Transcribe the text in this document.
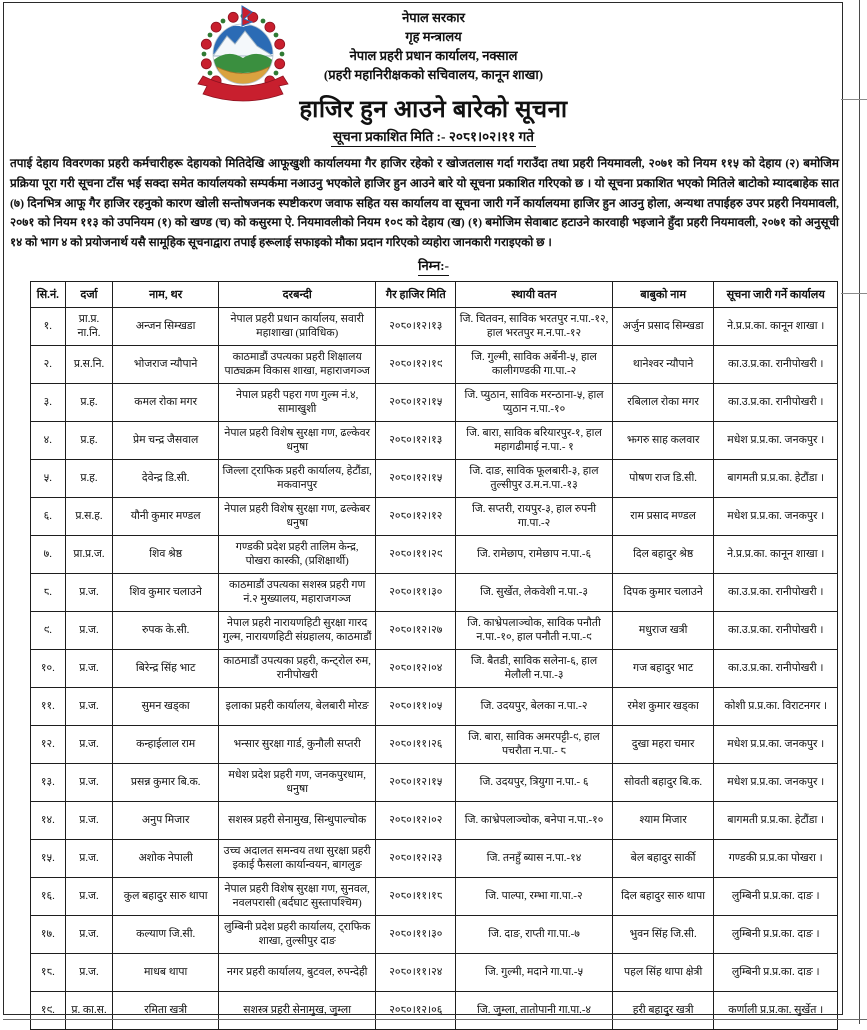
नेपाल सरकार
गृह मन्त्रालय
नेपाल प्रहरी प्रधान कार्यालय, नक्साल
(प्रहरी महानिरीक्षकको सचिवालय, कानून शाखा)
हाजिर हुन आउने बारेको सूचना
सूचना प्रकाशित मिति :- २०८१।०२।११ गते

तपाई देहाय विवरणका प्रहरी कर्मचारीहरू देहायको मितिदेखि आफूखुशी कार्यालयमा गैर हाजिर रहेको र खोजतलास गर्दा गराउँदा तथा प्रहरी नियमावली, २०७१ को नियम ११५ को देहाय (२) बमोजिम प्रक्रिया पूरा गरी सूचना टाँस भई सक्दा समेत कार्यालयको सम्पर्कमा नआउनु भएकोले हाजिर हुन आउने बारे यो सूचना प्रकाशित गरिएको छ । यो सूचना प्रकाशित भएको मितिले बाटोको म्यादबाहेक सात (७) दिनभित्र आफू गैर हाजिर रहनुको कारण खोली सन्तोषजनक स्पष्टीकरण जवाफ सहित यस कार्यालय वा सूचना जारी गर्ने कार्यालयमा हाजिर हुन आउनु होला, अन्यथा तपाईहरु उपर प्रहरी नियमावली, २०७१ को नियम ११३ को उपनियम (१) को खण्ड (च) को कसुरमा ऐ. नियमावलीको नियम १०९ को देहाय (ख) (१) बमोजिम सेवाबाट हटाउने कारवाही भइजाने हुँदा प्रहरी नियमावली, २०७१ को अनुसूची १४ को भाग ४ को प्रयोजनार्थ यसै सामूहिक सूचनाद्वारा तपाई हरूलाई सफाइको मौका प्रदान गरिएको व्यहोरा जानकारी गराइएको छ ।

निम्न:-
सि.नं.	दर्जा	नाम, थर	दरबन्दी	गैर हाजिर मिति	स्थायी वतन	बाबुको नाम	सूचना जारी गर्ने कार्यालय
१.	प्रा.प्र. ना.नि.	अन्जन सिम्खडा	नेपाल प्रहरी प्रधान कार्यालय, सवारी महाशाखा (प्राविधिक)	२०८०।१२।१३	जि. चितवन, साविक भरतपुर न.पा.-१२, हाल भरतपुर म.न.पा.-१२	अर्जुन प्रसाद सिम्खडा	ने.प्र.प्र.का. कानून शाखा ।
२.	प्र.स.नि.	भोजराज न्यौपाने	काठमाडौं उपत्यका प्रहरी शिक्षालय पाठ्यक्रम विकास शाखा, महाराजगञ्ज	२०८०।१२।१९	जि. गुल्मी, साविक अर्बेनी-५, हाल कालीगण्डकी गा.पा.-२	थानेश्वर न्यौपाने	का.उ.प्र.का. रानीपोखरी ।
३.	प्र.ह.	कमल रोका मगर	नेपाल प्रहरी पहरा गण गुल्म नं.४, सामाखुशी	२०८०।१२।१५	जि. प्युठान, साविक मरन्ठाना-५, हाल प्युठान न.पा.-१०	रबिलाल रोका मगर	का.उ.प्र.का. रानीपोखरी ।
४.	प्र.ह.	प्रेम चन्द्र जैसवाल	नेपाल प्रहरी विशेष सुरक्षा गण, ढल्केवर धनुषा	२०८०।१२।१३	जि. बारा, साविक बरियारपुर-१, हाल महागढीमाई न.पा.- १	झगरु साह कलवार	मधेश प्र.प्र.का. जनकपुर ।
५.	प्र.ह.	देवेन्द्र डि.सी.	जिल्ला ट्राफिक प्रहरी कार्यालय, हेटौंडा, मकवानपुर	२०८०।१२।१५	जि. दाङ, साविक फूलबारी-३, हाल तुल्सीपुर उ.म.न.पा.-१३	पोषण राज डि.सी.	बागमती प्र.प्र.का. हेटौंडा ।
६.	प्र.स.ह.	यौनी कुमार मण्डल	नेपाल प्रहरी विशेष सुरक्षा गण, ढल्केबर धनुषा	२०८०।१२।१२	जि. सप्तरी, रायपुर-३, हाल रुपनी गा.पा.-२	राम प्रसाद मण्डल	मधेश प्र.प्र.का. जनकपुर ।
७.	प्रा.प्र.ज.	शिव श्रेष्ठ	गण्डकी प्रदेश प्रहरी तालिम केन्द्र, पोखरा कास्की, (प्रशिक्षार्थी)	२०८०।११।२९	जि. रामेछाप, रामेछाप न.पा.-६	दिल बहादुर श्रेष्ठ	ने.प्र.प्र.का. कानून शाखा ।
८.	प्र.ज.	शिव कुमार चलाउने	काठमाडौं उपत्यका सशस्त्र प्रहरी गण नं.२ मुख्यालय, महाराजगञ्ज	२०८०।११।३०	जि. सुर्खेत, लेकवेशी न.पा.-३	दिपक कुमार चलाउने	का.उ.प्र.का. रानीपोखरी ।
९.	प्र.ज.	रुपक के.सी.	नेपाल प्रहरी नारायणहिटी सुरक्षा गारद गुल्म, नारायणहिटी संग्रहालय, काठमाडौं	२०८०।१२।२७	जि. काभ्रेपलाञ्चोक, साविक पनौती न.पा.-१०, हाल पनौती न.पा.-९	मधुराज खत्री	का.उ.प्र.का. रानीपोखरी ।
१०.	प्र.ज.	बिरेन्द्र सिंह भाट	काठमाडौं उपत्यका प्रहरी, कन्ट्रोल रुम, रानीपोखरी	२०८०।१२।०४	जि. बैतडी, साविक सलेना-६, हाल मेलौली न.पा.-३	गज बहादुर भाट	का.उ.प्र.का. रानीपोखरी ।
११.	प्र.ज.	सुमन खड्का	इलाका प्रहरी कार्यालय, बेलबारी मोरङ	२०८०।११।०५	जि. उदयपुर, बेलका न.पा.-२	रमेश कुमार खड्का	कोशी प्र.प्र.का. विराटनगर ।
१२.	प्र.ज.	कन्हाईलाल राम	भन्सार सुरक्षा गार्ड, कुनौली सप्तरी	२०८०।११।२६	जि. बारा, साविक अमरपट्टी-९, हाल पचरौता न.पा.- ८	दुखा महरा चमार	मधेश प्र.प्र.का. जनकपुर ।
१३.	प्र.ज.	प्रसन्न कुमार बि.क.	मधेश प्रदेश प्रहरी गण, जनकपुरधाम, धनुषा	२०८०।१२।१५	जि. उदयपुर, त्रियुगा न.पा.- ६	सोवती बहादुर बि.क.	मधेश प्र.प्र.का. जनकपुर ।
१४.	प्र.ज.	अनुप मिजार	सशस्त्र प्रहरी सेनामुख, सिन्धुपाल्चोक	२०८०।१२।०२	जि. काभ्रेपलाञ्चोक, बनेपा न.पा.-१०	श्याम मिजार	बागमती प्र.प्र.का. हेटौंडा ।
१५.	प्र.ज.	अशोक नेपाली	उच्च अदालत समन्वय तथा सुरक्षा प्रहरी इकाई फैसला कार्यान्वयन, बागलुङ	२०८०।१२।२३	जि. तनहुँ ब्यास न.पा.-१४	बेल बहादुर सार्की	गण्डकी प्र.प्र.का पोखरा ।
१६.	प्र.ज.	कुल बहादुर सारु थापा	नेपाल प्रहरी विशेष सुरक्षा गण, सुनवल, नवलपरासी (बर्दघाट सुस्तापश्चिम)	२०८०।११।१८	जि. पाल्पा, रम्भा गा.पा.-२	दिल बहादुर सारु थापा	लुम्बिनी प्र.प्र.का. दाङ ।
१७.	प्र.ज.	कल्याण जि.सी.	लुम्बिनी प्रदेश प्रहरी कार्यालय, ट्राफिक शाखा, तुल्सीपुर दाङ	२०८०।११।३०	जि. दाङ, राप्ती गा.पा.-७	भुवन सिंह जि.सी.	लुम्बिनी प्र.प्र.का. दाङ ।
१८.	प्र.ज.	माधब थापा	नगर प्रहरी कार्यालय, बुटवल, रुपन्देही	२०८०।११।२४	जि. गुल्मी, मदाने गा.पा.-५	पहल सिंह थापा क्षेत्री	लुम्बिनी प्र.प्र.का. दाङ ।
१९.	प्र. का.स.	रमिता खत्री	सशस्त्र प्रहरी सेनामुख, जुम्ला	२०८०।१२।०६	जि. जुम्ला, तातोपानी गा.पा.-४	हरी बहादुर खत्री	कर्णाली प्र.प्र.का. सुर्खेत ।
